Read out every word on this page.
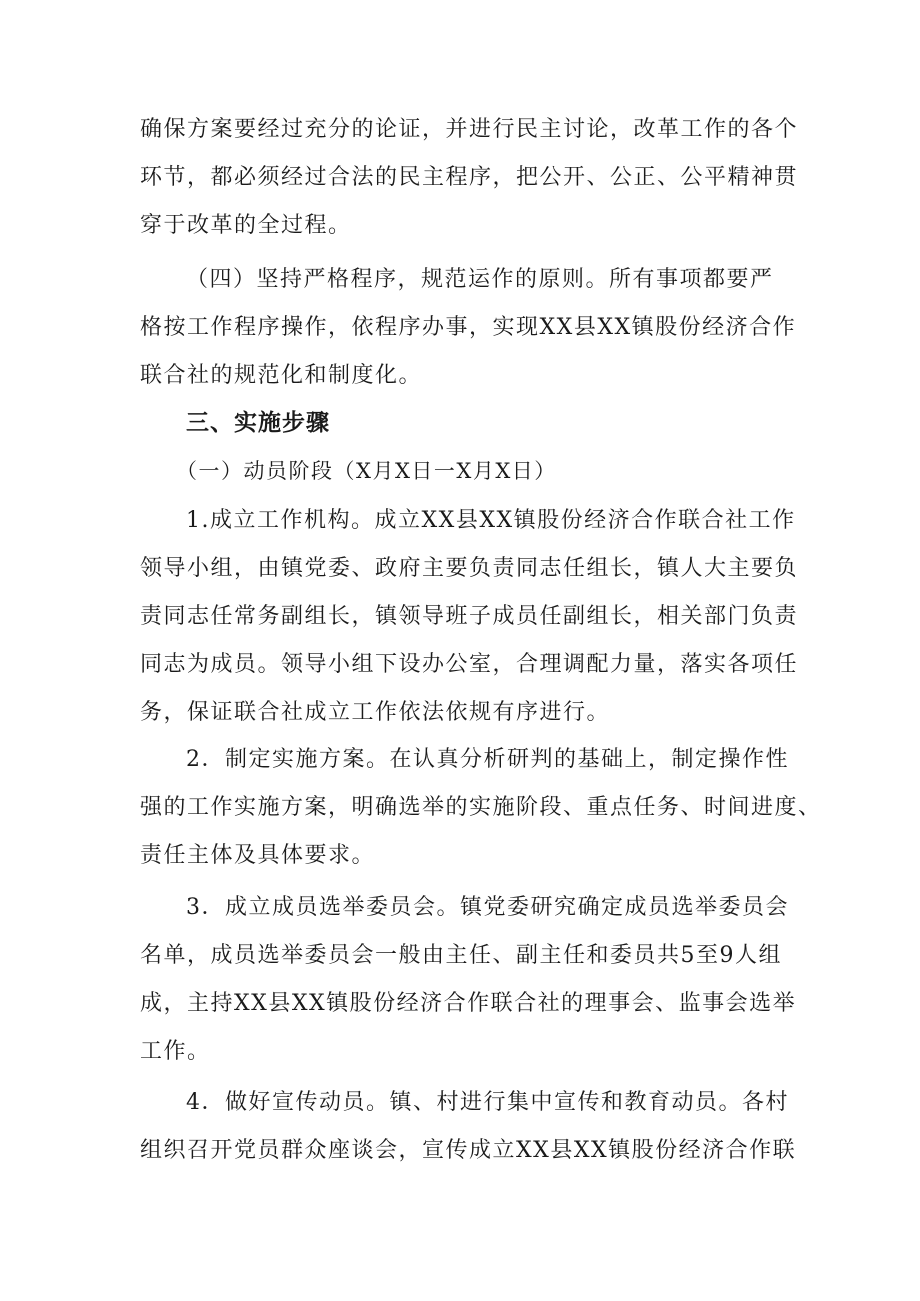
确保方案要经过充分的论证，并进行民主讨论，改革工作的各个
环节，都必须经过合法的民主程序，把公开、公正、公平精神贯
穿于改革的全过程。
（四）坚持严格程序，规范运作的原则。所有事项都要严
格按工作程序操作，依程序办事，实现XX县XX镇股份经济合作
联合社的规范化和制度化。
三、实施步骤
（一）动员阶段（X月X日一X月X日）
1.成立工作机构。成立XX县XX镇股份经济合作联合社工作
领导小组，由镇党委、政府主要负责同志任组长，镇人大主要负
责同志任常务副组长，镇领导班子成员任副组长，相关部门负责
同志为成员。领导小组下设办公室，合理调配力量，落实各项任
务，保证联合社成立工作依法依规有序进行。
2．制定实施方案。在认真分析研判的基础上，制定操作性
强的工作实施方案，明确选举的实施阶段、重点任务、时间进度、
责任主体及具体要求。
3．成立成员选举委员会。镇党委研究确定成员选举委员会
名单，成员选举委员会一般由主任、副主任和委员共5至9人组
成，主持XX县XX镇股份经济合作联合社的理事会、监事会选举
工作。
4．做好宣传动员。镇、村进行集中宣传和教育动员。各村
组织召开党员群众座谈会，宣传成立XX县XX镇股份经济合作联
